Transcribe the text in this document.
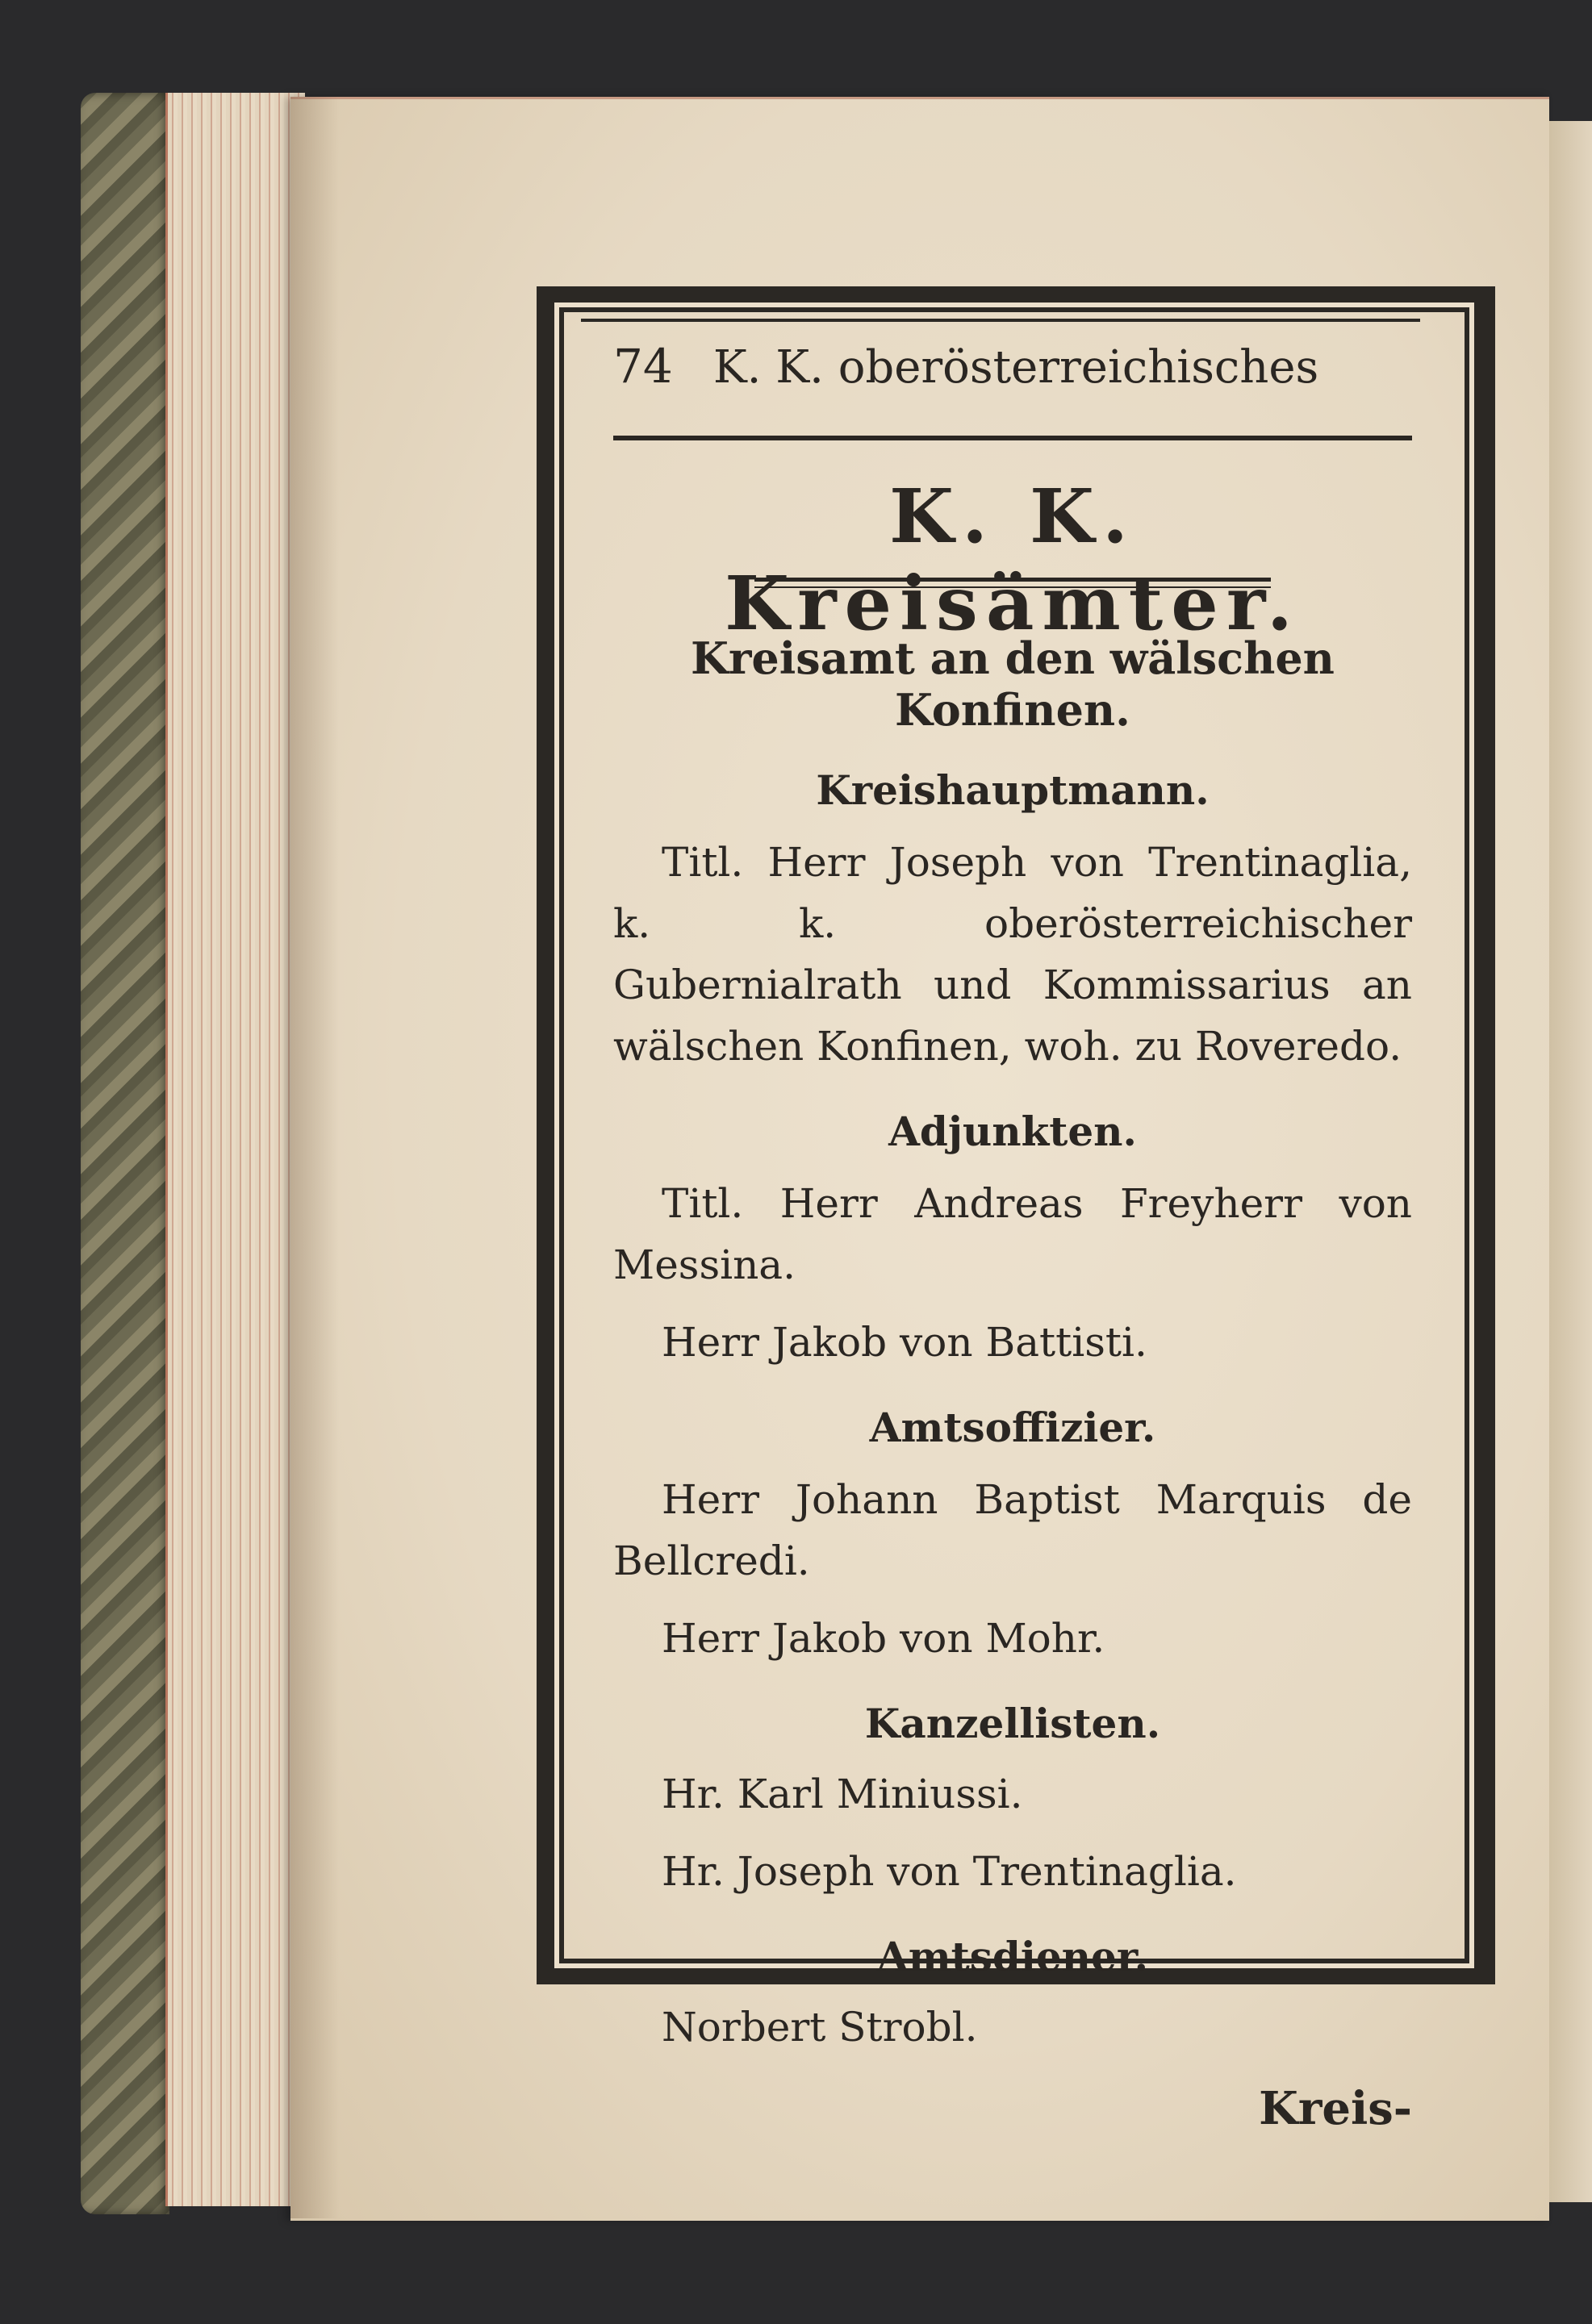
74 K. K. oberösterreichisches
K. K. Kreisämter.
Kreisamt an den wälschen Konfinen.
Kreishauptmann.
Titl. Herr Joseph von Trentinaglia, k. k. oberösterreichischer Gubernialrath und Kommissarius an wälschen Konfinen, woh. zu Roveredo.
Adjunkten.
Titl. Herr Andreas Freyherr von Messina.
Herr Jakob von Battisti.
Amtsoffizier.
Herr Johann Baptist Marquis de Bellcredi.
Herr Jakob von Mohr.
Kanzellisten.
Hr. Karl Miniussi.
Hr. Joseph von Trentinaglia.
Amtsdiener.
Norbert Strobl.
Kreis-
